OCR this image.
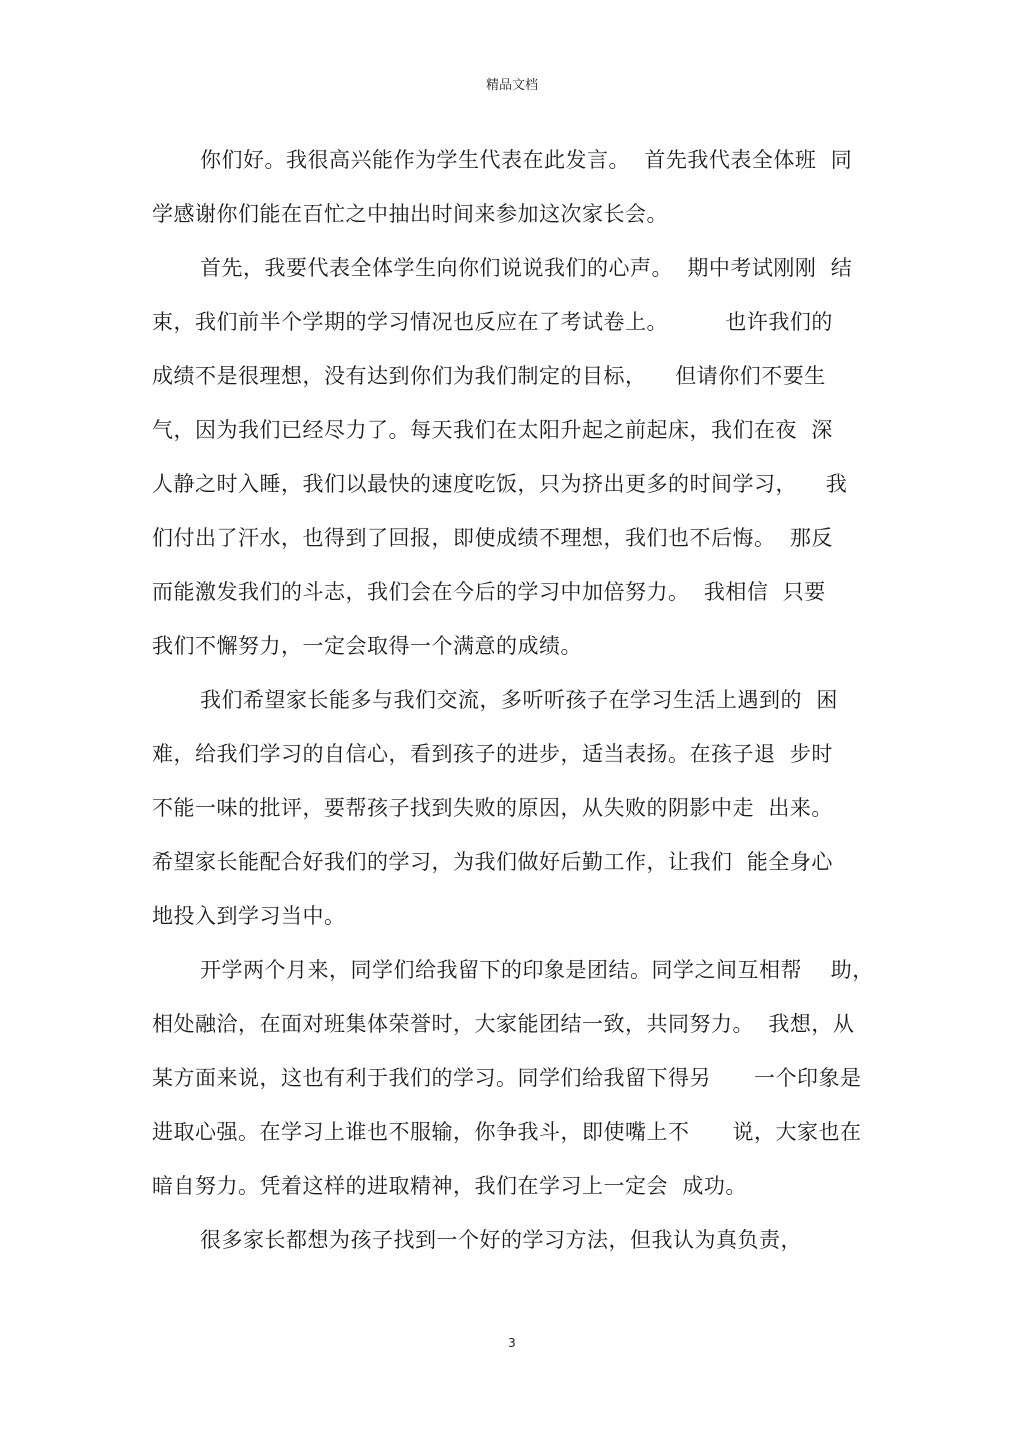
精品文档
你们好。我很高兴能作为学生代表在此发言。  首先我代表全体班  同
学感谢你们能在百忙之中抽出时间来参加这次家长会。
首先，我要代表全体学生向你们说说我们的心声。  期中考试刚刚  结
束，我们前半个学期的学习情况也反应在了考试卷上。        也许我们的
成绩不是很理想，没有达到你们为我们制定的目标，    但请你们不要生
气，因为我们已经尽力了。每天我们在太阳升起之前起床，我们在夜  深
人静之时入睡，我们以最快的速度吃饭，只为挤出更多的时间学习，    我
们付出了汗水，也得到了回报，即使成绩不理想，我们也不后悔。  那反
而能激发我们的斗志，我们会在今后的学习中加倍努力。  我相信  只要
我们不懈努力，一定会取得一个满意的成绩。
我们希望家长能多与我们交流，多听听孩子在学习生活上遇到的  困
难，给我们学习的自信心，看到孩子的进步，适当表扬。在孩子退  步时
不能一味的批评，要帮孩子找到失败的原因，从失败的阴影中走  出来。
希望家长能配合好我们的学习，为我们做好后勤工作，让我们  能全身心
地投入到学习当中。
开学两个月来，同学们给我留下的印象是团结。同学之间互相帮    助，
相处融洽，在面对班集体荣誉时，大家能团结一致，共同努力。  我想，从
某方面来说，这也有利于我们的学习。同学们给我留下得另      一个印象是
进取心强。在学习上谁也不服输，你争我斗，即使嘴上不      说，大家也在
暗自努力。凭着这样的进取精神，我们在学习上一定会  成功。
很多家长都想为孩子找到一个好的学习方法，但我认为真负责，
3
